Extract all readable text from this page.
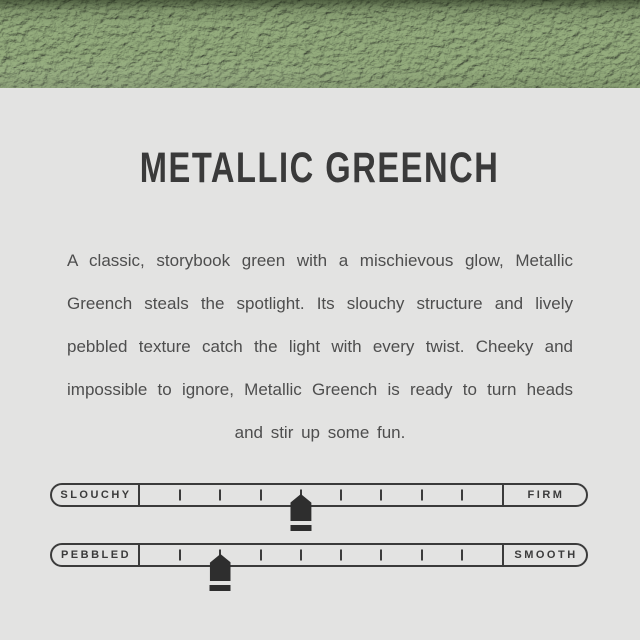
METALLIC GREENCH

A classic, storybook green with a mischievous glow, Metallic Greench steals the spotlight. Its slouchy structure and lively pebbled texture catch the light with every twist. Cheeky and impossible to ignore, Metallic Greench is ready to turn heads and stir up some fun.

SLOUCHY	FIRM
PEBBLED	SMOOTH
